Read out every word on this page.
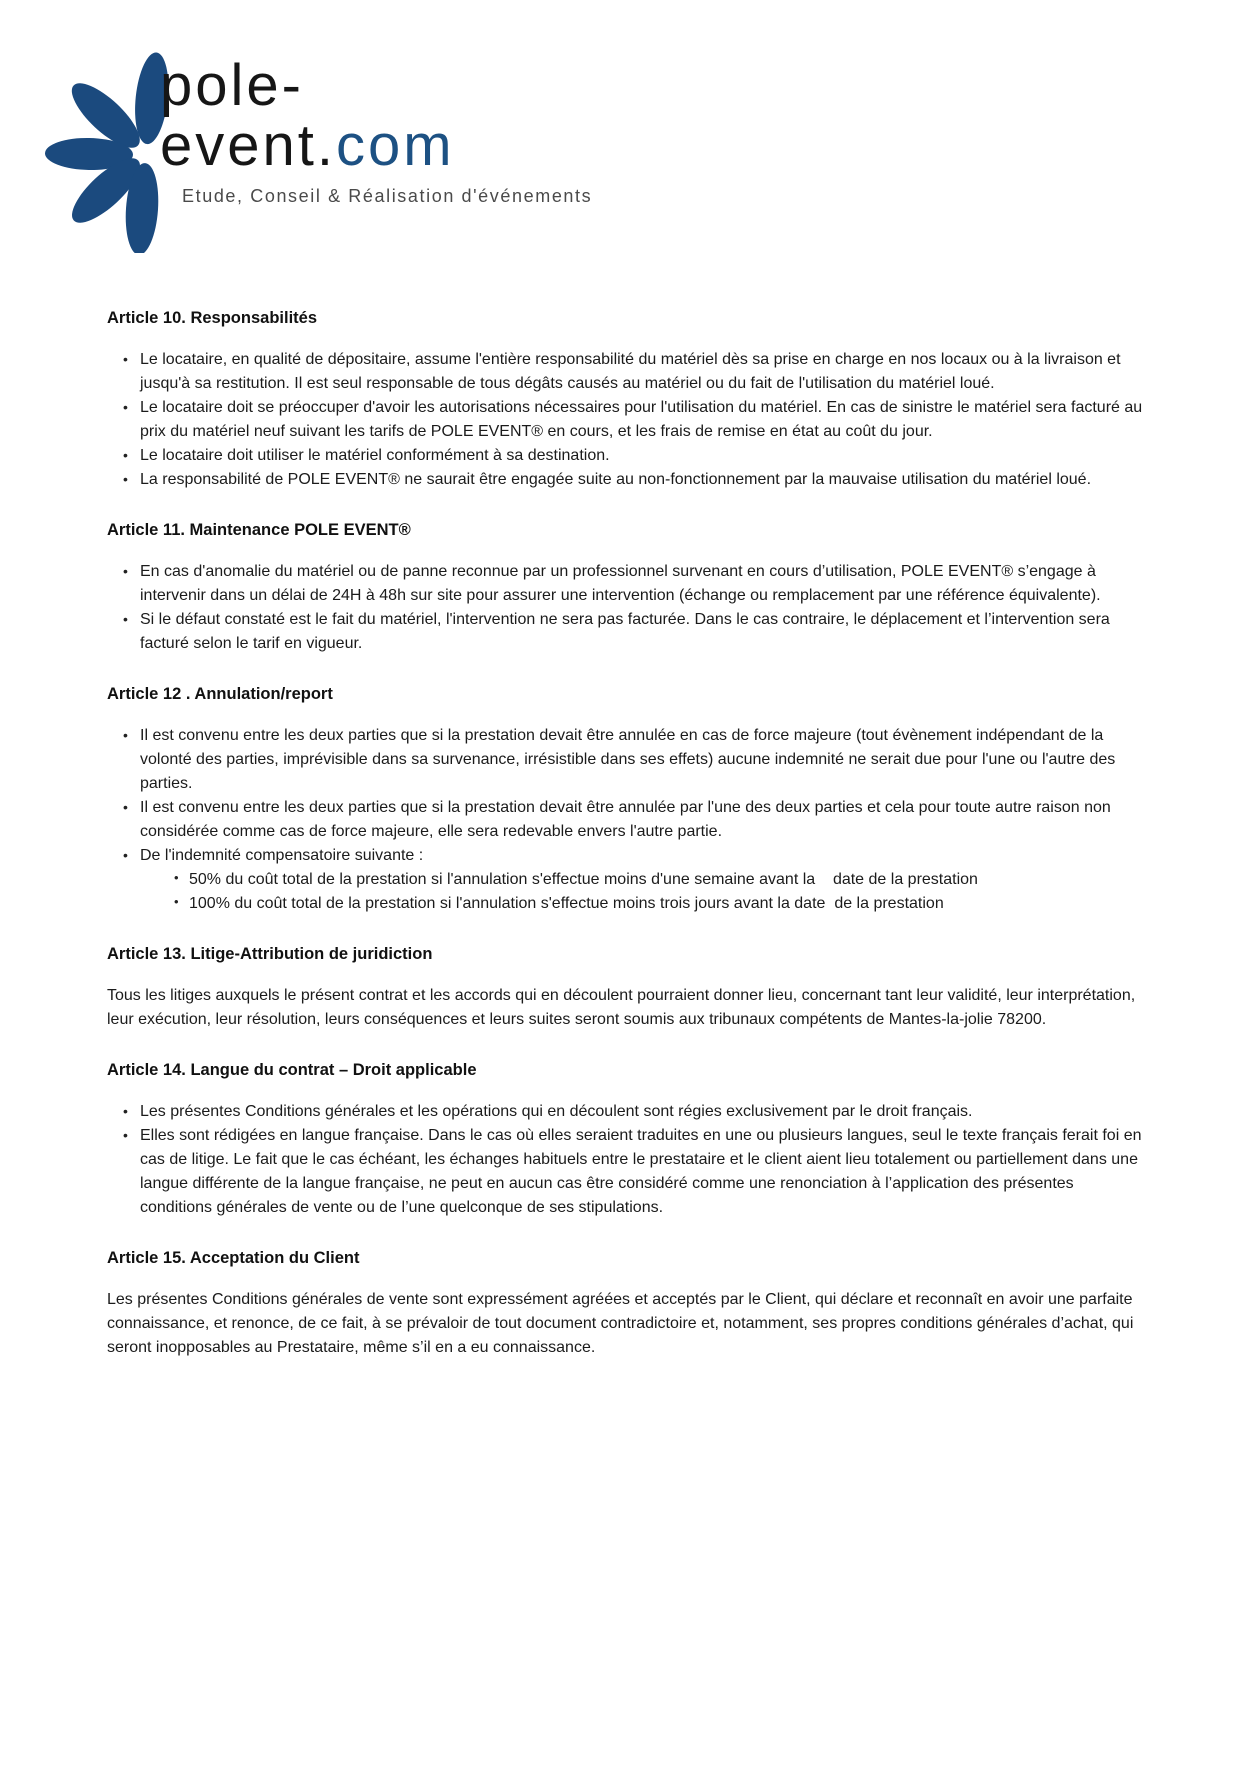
pole-
event.com
Etude, Conseil & Réalisation d'événements
Article 10. Responsabilités
• Le locataire, en qualité de dépositaire, assume l'entière responsabilité du matériel dès sa prise en charge en nos locaux ou à la livraison et jusqu'à sa restitution. Il est seul responsable de tous dégâts causés au matériel ou du fait de l'utilisation du matériel loué.
• Le locataire doit se préoccuper d'avoir les autorisations nécessaires pour l'utilisation du matériel. En cas de sinistre le matériel sera facturé au prix du matériel neuf suivant les tarifs de POLE EVENT® en cours, et les frais de remise en état au coût du jour.
• Le locataire doit utiliser le matériel conformément à sa destination.
• La responsabilité de POLE EVENT® ne saurait être engagée suite au non-fonctionnement par la mauvaise utilisation du matériel loué.
Article 11. Maintenance POLE EVENT®
• En cas d'anomalie du matériel ou de panne reconnue par un professionnel survenant en cours d’utilisation, POLE EVENT® s’engage à intervenir dans un délai de 24H à 48h sur site pour assurer une intervention (échange ou remplacement par une référence équivalente).
• Si le défaut constaté est le fait du matériel, l'intervention ne sera pas facturée. Dans le cas contraire, le déplacement et l’intervention sera facturé selon le tarif en vigueur.
Article 12 . Annulation/report
• Il est convenu entre les deux parties que si la prestation devait être annulée en cas de force majeure (tout évènement indépendant de la volonté des parties, imprévisible dans sa survenance, irrésistible dans ses effets) aucune indemnité ne serait due pour l'une ou l'autre des parties.
• Il est convenu entre les deux parties que si la prestation devait être annulée par l'une des deux parties et cela pour toute autre raison non considérée comme cas de force majeure, elle sera redevable envers l'autre partie.
• De l'indemnité compensatoire suivante :
• 50% du coût total de la prestation si l'annulation s'effectue moins d'une semaine avant la    date de la prestation
• 100% du coût total de la prestation si l'annulation s'effectue moins trois jours avant la date  de la prestation
Article 13. Litige-Attribution de juridiction

Tous les litiges auxquels le présent contrat et les accords qui en découlent pourraient donner lieu, concernant tant leur validité, leur interprétation, leur exécution, leur résolution, leurs conséquences et leurs suites seront soumis aux tribunaux compétents de Mantes-la-jolie 78200.

Article 14. Langue du contrat – Droit applicable
• Les présentes Conditions générales et les opérations qui en découlent sont régies exclusivement par le droit français.
• Elles sont rédigées en langue française. Dans le cas où elles seraient traduites en une ou plusieurs langues, seul le texte français ferait foi en cas de litige. Le fait que le cas échéant, les échanges habituels entre le prestataire et le client aient lieu totalement ou partiellement dans une langue différente de la langue française, ne peut en aucun cas être considéré comme une renonciation à l’application des présentes conditions générales de vente ou de l’une quelconque de ses stipulations.
Article 15. Acceptation du Client

Les présentes Conditions générales de vente sont expressément agréées et acceptés par le Client, qui déclare et reconnaît en avoir une parfaite connaissance, et renonce, de ce fait, à se prévaloir de tout document contradictoire et, notamment, ses propres conditions générales d’achat, qui seront inopposables au Prestataire, même s’il en a eu connaissance.
